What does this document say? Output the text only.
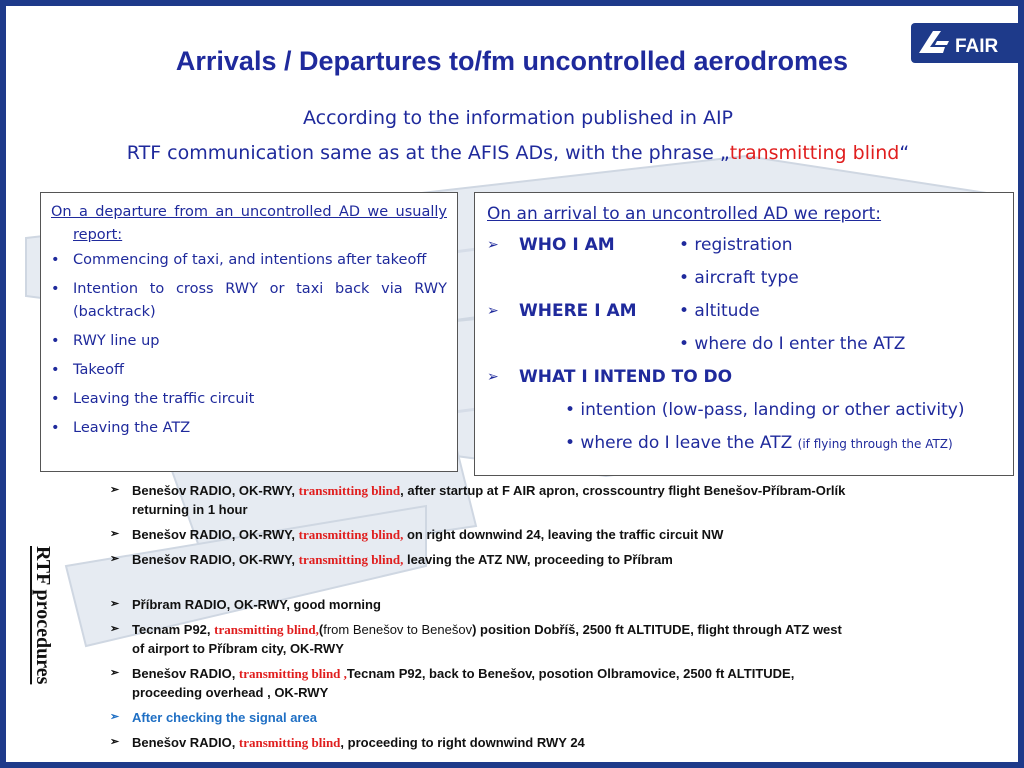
FAIR
Arrivals / Departures to/fm uncontrolled aerodromes
According to the information published in AIP
RTF communication same as at the AFIS ADs, with the phrase „transmitting blind“
On a departure from an uncontrolled AD we usually report:
• Commencing of taxi, and intentions after takeoff
• Intention to cross RWY or taxi back via RWY (backtrack)
• RWY line up
• Takeoff
• Leaving the traffic circuit
• Leaving the ATZ
On an arrival to an uncontrolled AD we report:
➢ WHO I AM	• registration
• aircraft type
➢ WHERE I AM • altitude
• where do I enter the ATZ
➢ WHAT I INTEND TO DO
• intention (low-pass, landing or other activity)
• where do I leave the ATZ (if flying through the ATZ)
RTF procedures
➢ Benešov RADIO, OK-RWY, transmitting blind, after startup at F AIR apron, crosscountry flight Benešov-Příbram-Orlík
returning in 1 hour
➢ Benešov RADIO, OK-RWY, transmitting blind, on right downwind 24, leaving the traffic circuit NW
➢ Benešov RADIO, OK-RWY, transmitting blind, leaving the ATZ NW, proceeding to Příbram
➢ Příbram RADIO, OK-RWY, good morning
➢ Tecnam P92, transmitting blind,(from Benešov to Benešov) position Dobříš, 2500 ft ALTITUDE, flight through ATZ west
of airport to Příbram city, OK-RWY
➢ Benešov RADIO, transmitting blind ,Tecnam P92, back to Benešov, posotion Olbramovice, 2500 ft ALTITUDE,
proceeding overhead , OK-RWY
➢ After checking the signal area
➢ Benešov RADIO, transmitting blind, proceeding to right downwind RWY 24
